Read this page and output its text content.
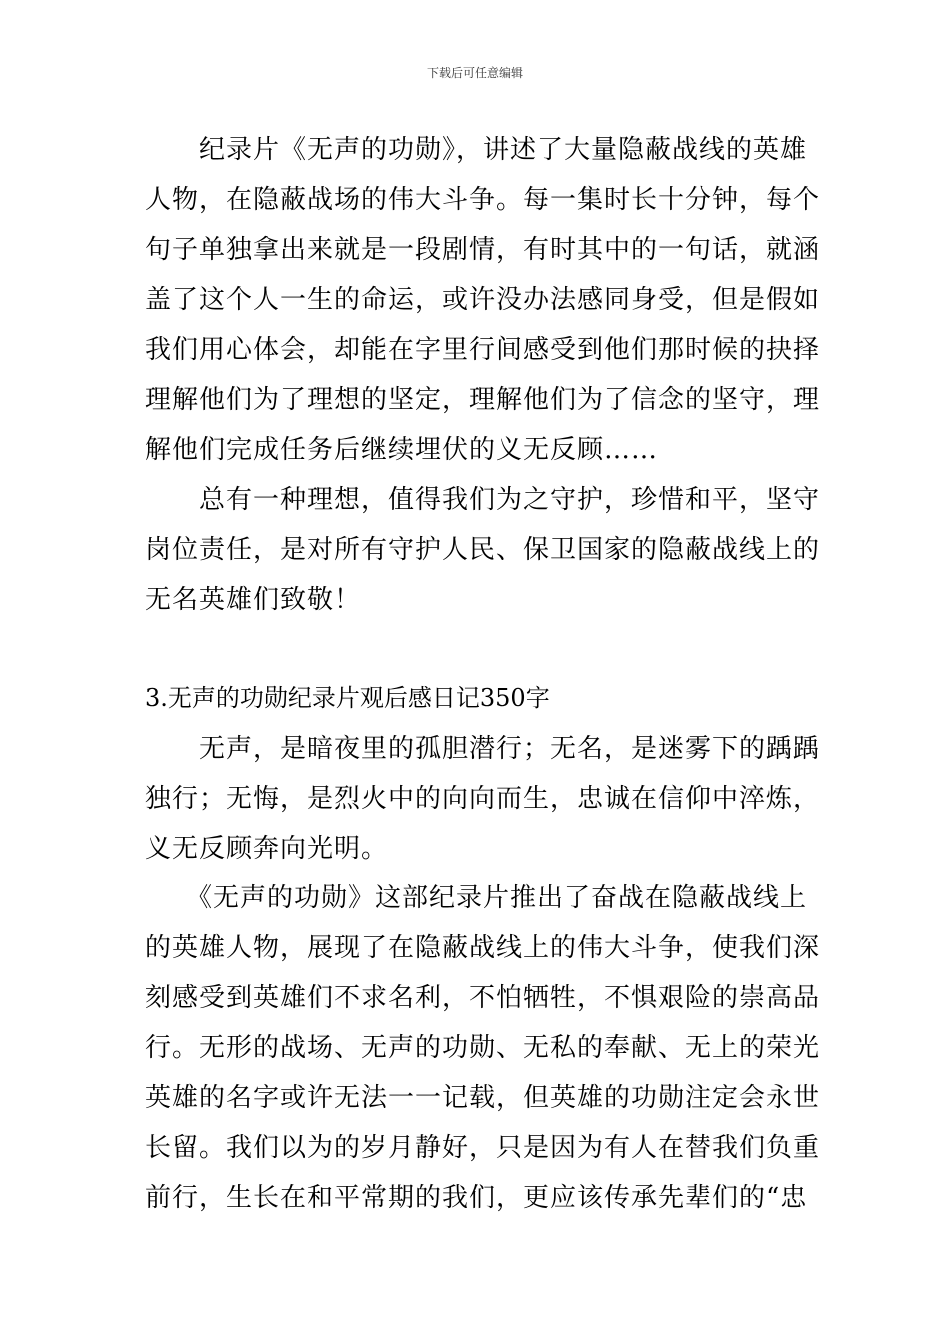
下载后可任意编辑
　　纪录片《无声的功勋》，讲述了大量隐蔽战线的英雄
人物，在隐蔽战场的伟大斗争。每一集时长十分钟，每个
句子单独拿出来就是一段剧情，有时其中的一句话，就涵
盖了这个人一生的命运，或许没办法感同身受，但是假如
我们用心体会，却能在字里行间感受到他们那时候的抉择
理解他们为了理想的坚定，理解他们为了信念的坚守，理
解他们完成任务后继续埋伏的义无反顾……
　　总有一种理想，值得我们为之守护，珍惜和平，坚守
岗位责任，是对所有守护人民、保卫国家的隐蔽战线上的
无名英雄们致敬！
3.无声的功勋纪录片观后感日记350字
　　无声，是暗夜里的孤胆潜行；无名，是迷雾下的踽踽
独行；无悔，是烈火中的向向而生，忠诚在信仰中淬炼，
义无反顾奔向光明。
　　《无声的功勋》这部纪录片推出了奋战在隐蔽战线上
的英雄人物，展现了在隐蔽战线上的伟大斗争，使我们深
刻感受到英雄们不求名利，不怕牺牲，不惧艰险的崇高品
行。无形的战场、无声的功勋、无私的奉献、无上的荣光
英雄的名字或许无法一一记载，但英雄的功勋注定会永世
长留。我们以为的岁月静好，只是因为有人在替我们负重
前行，生长在和平常期的我们，更应该传承先辈们的“忠
